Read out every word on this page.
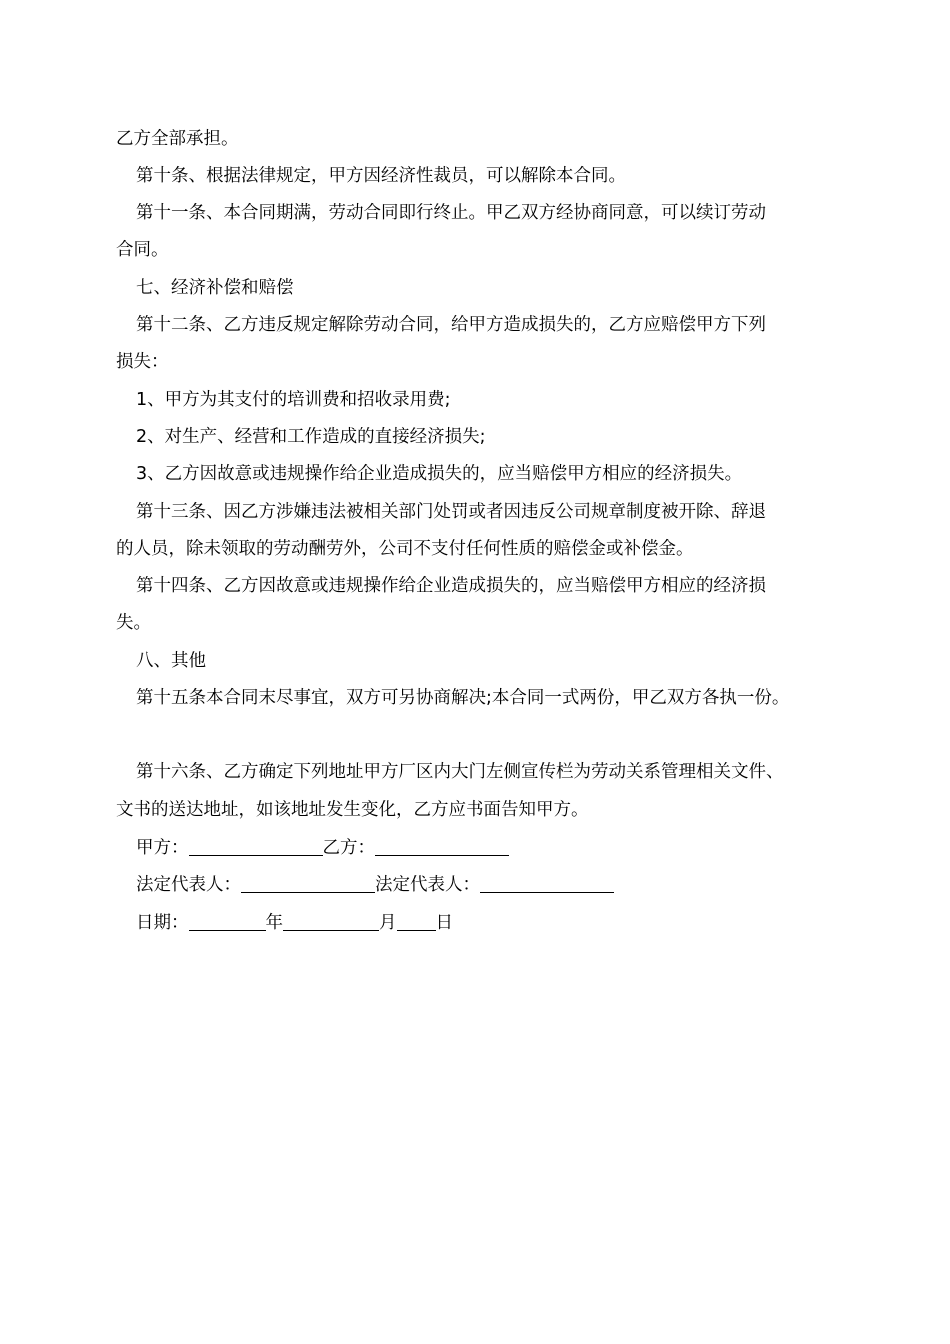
乙方全部承担。
第十条、根据法律规定，甲方因经济性裁员，可以解除本合同。
第十一条、本合同期满，劳动合同即行终止。甲乙双方经协商同意，可以续订劳动
合同。
七、经济补偿和赔偿
第十二条、乙方违反规定解除劳动合同，给甲方造成损失的，乙方应赔偿甲方下列
损失：
1、甲方为其支付的培训费和招收录用费;
2、对生产、经营和工作造成的直接经济损失;
3、乙方因故意或违规操作给企业造成损失的，应当赔偿甲方相应的经济损失。
第十三条、因乙方涉嫌违法被相关部门处罚或者因违反公司规章制度被开除、辞退
的人员，除未领取的劳动酬劳外，公司不支付任何性质的赔偿金或补偿金。
第十四条、乙方因故意或违规操作给企业造成损失的，应当赔偿甲方相应的经济损
失。
八、其他
第十五条本合同末尽事宜，双方可另协商解决;本合同一式两份，甲乙双方各执一份。
第十六条、乙方确定下列地址甲方厂区内大门左侧宣传栏为劳动关系管理相关文件、
文书的送达地址，如该地址发生变化，乙方应书面告知甲方。
甲方：	乙方：
法定代表人：	法定代表人：
日期：	年	月 日
